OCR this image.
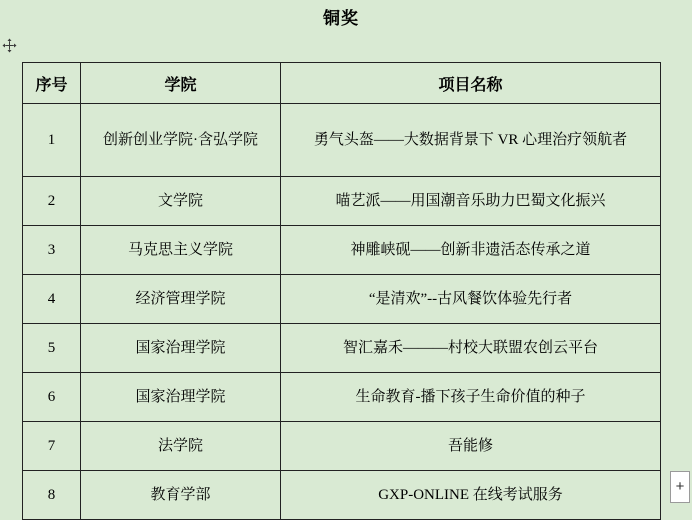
铜奖
序号	学院	项目名称
1	创新创业学院·含弘学院	勇气头盔——大数据背景下 VR 心理治疗领航者
2	文学院	喵艺派——用国潮音乐助力巴蜀文化振兴
3	马克思主义学院	神雕峡砚——创新非遗活态传承之道
4	经济管理学院	“是清欢”--古风餐饮体验先行者
5	国家治理学院	智汇嘉禾———村校大联盟农创云平台
6	国家治理学院	生命教育-播下孩子生命价值的种子
7	法学院	吾能修
8	教育学部	GXP-ONLINE 在线考试服务	+
